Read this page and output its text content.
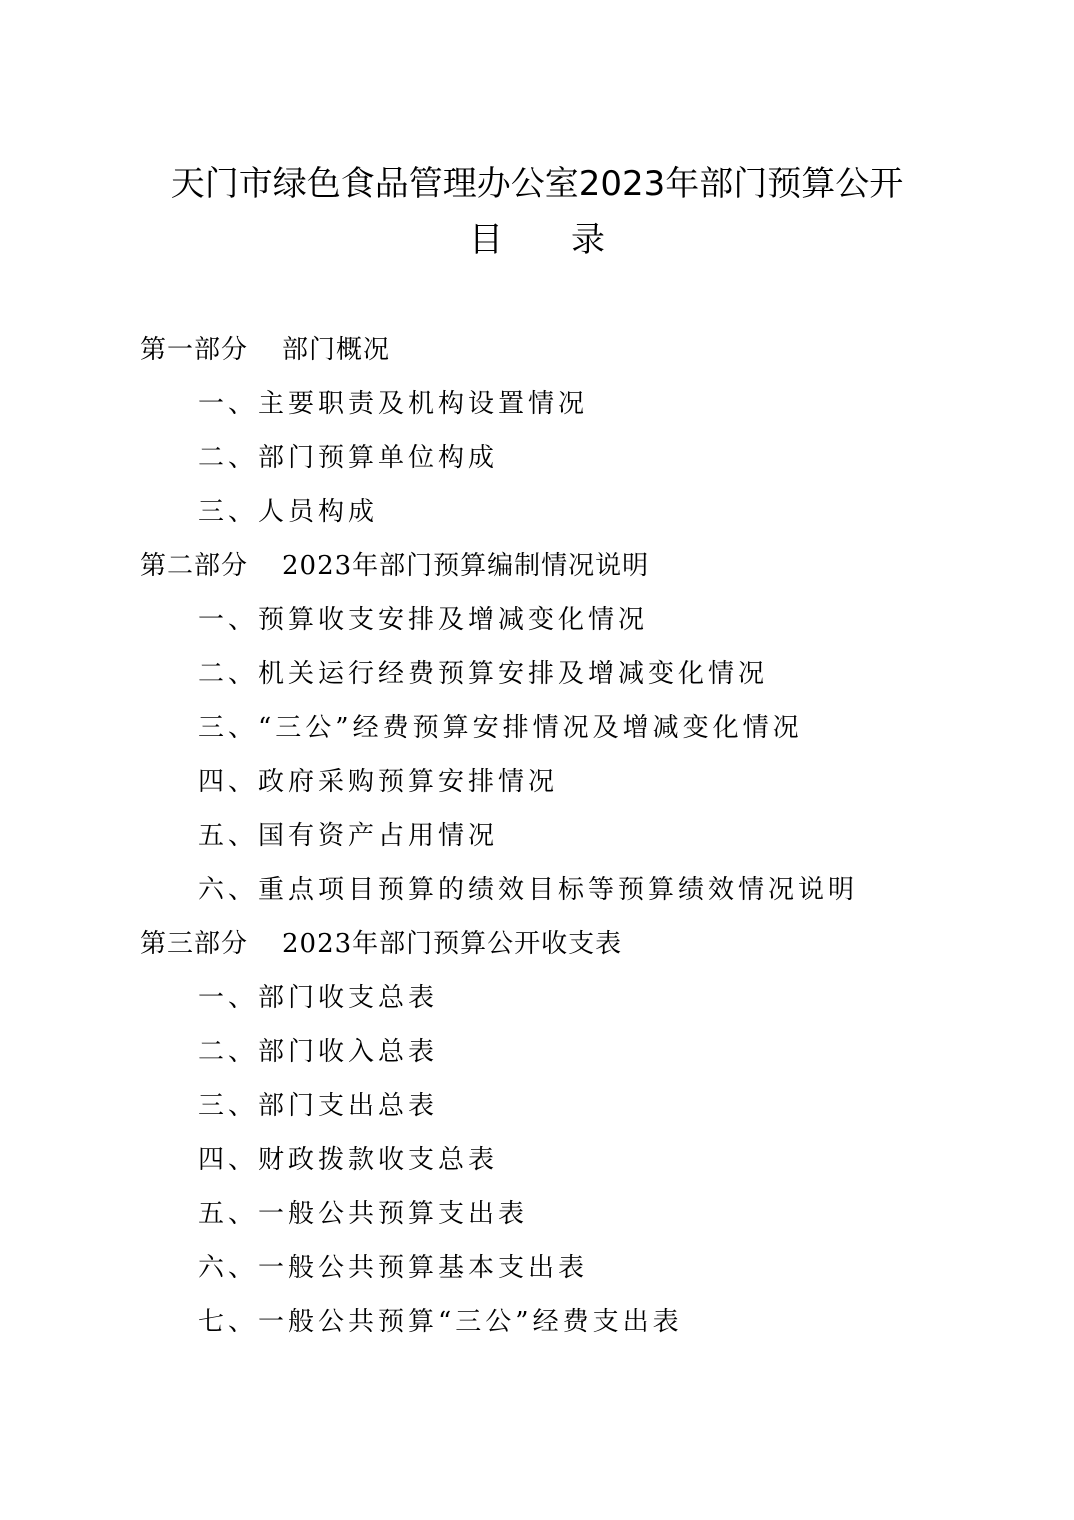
天门市绿色食品管理办公室2023年部门预算公开
目 录
第一部分 部门概况
一、主要职责及机构设置情况
二、部门预算单位构成
三、人员构成
第二部分 2023年部门预算编制情况说明
一、预算收支安排及增减变化情况
二、机关运行经费预算安排及增减变化情况
三、“三公”经费预算安排情况及增减变化情况
四、政府采购预算安排情况
五、国有资产占用情况
六、重点项目预算的绩效目标等预算绩效情况说明
第三部分 2023年部门预算公开收支表
一、部门收支总表
二、部门收入总表
三、部门支出总表
四、财政拨款收支总表
五、一般公共预算支出表
六、一般公共预算基本支出表
七、一般公共预算“三公”经费支出表
